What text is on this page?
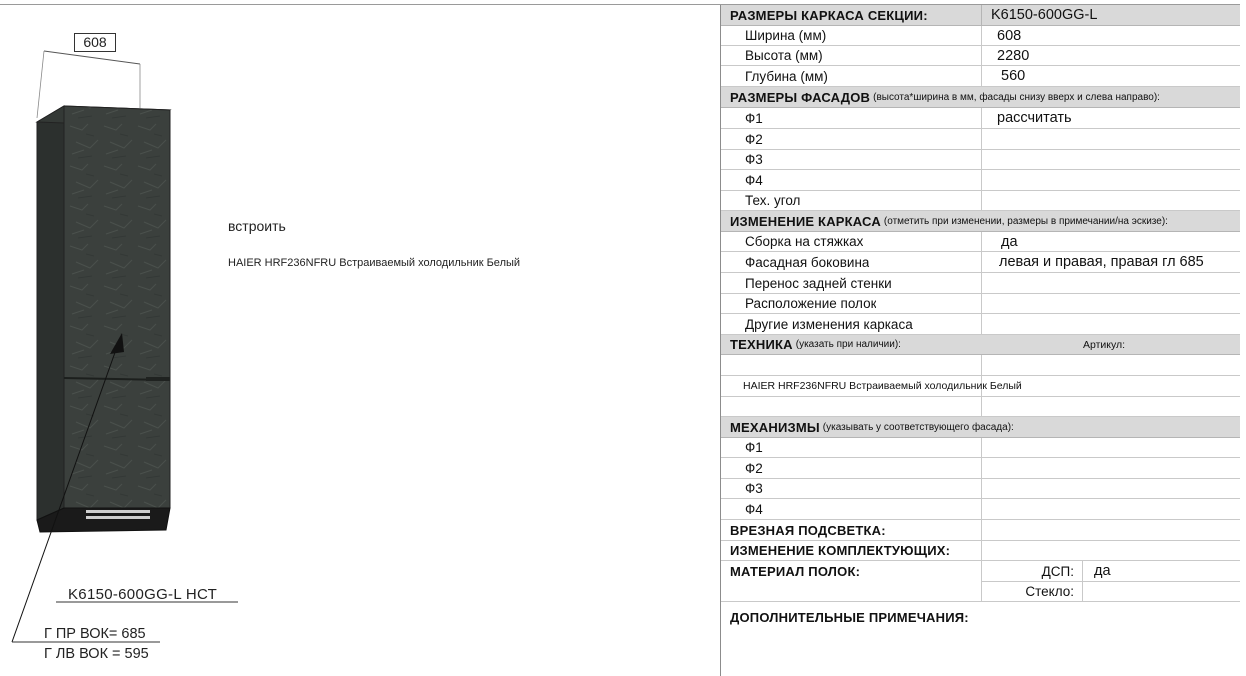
608
встроить
HAIER HRF236NFRU Встраиваемый холодильник Белый
K6150-600GG-L НСТ
Г ПР ВОК= 685
Г ЛВ ВОК = 595
РАЗМЕРЫ КАРКАСА СЕКЦИИ:	K6150-600GG-L
Ширина (мм)	608
Высота (мм)	2280
Глубина (мм)	560
РАЗМЕРЫ ФАСАДОВ (высота*ширина в мм, фасады снизу вверх и слева направо):
Ф1	рассчитать
Ф2
Ф3
Ф4
Тех. угол
ИЗМЕНЕНИЕ КАРКАСА (отметить при изменении, размеры в примечании/на эскизе):
Сборка на стяжках	да
Фасадная боковина	левая и правая, правая гл 685
Перенос задней стенки
Расположение полок
Другие изменения каркаса
ТЕХНИКА (указать при наличии):	Артикул:
HAIER HRF236NFRU Встраиваемый холодильник Белый
МЕХАНИЗМЫ (указывать у соответствующего фасада):
Ф1
Ф2
Ф3
Ф4
ВРЕЗНАЯ ПОДСВЕТКА:
ИЗМЕНЕНИЕ КОМПЛЕКТУЮЩИХ:
МАТЕРИАЛ ПОЛОК:	ДСП: да
Стекло:
ДОПОЛНИТЕЛЬНЫЕ ПРИМЕЧАНИЯ:
